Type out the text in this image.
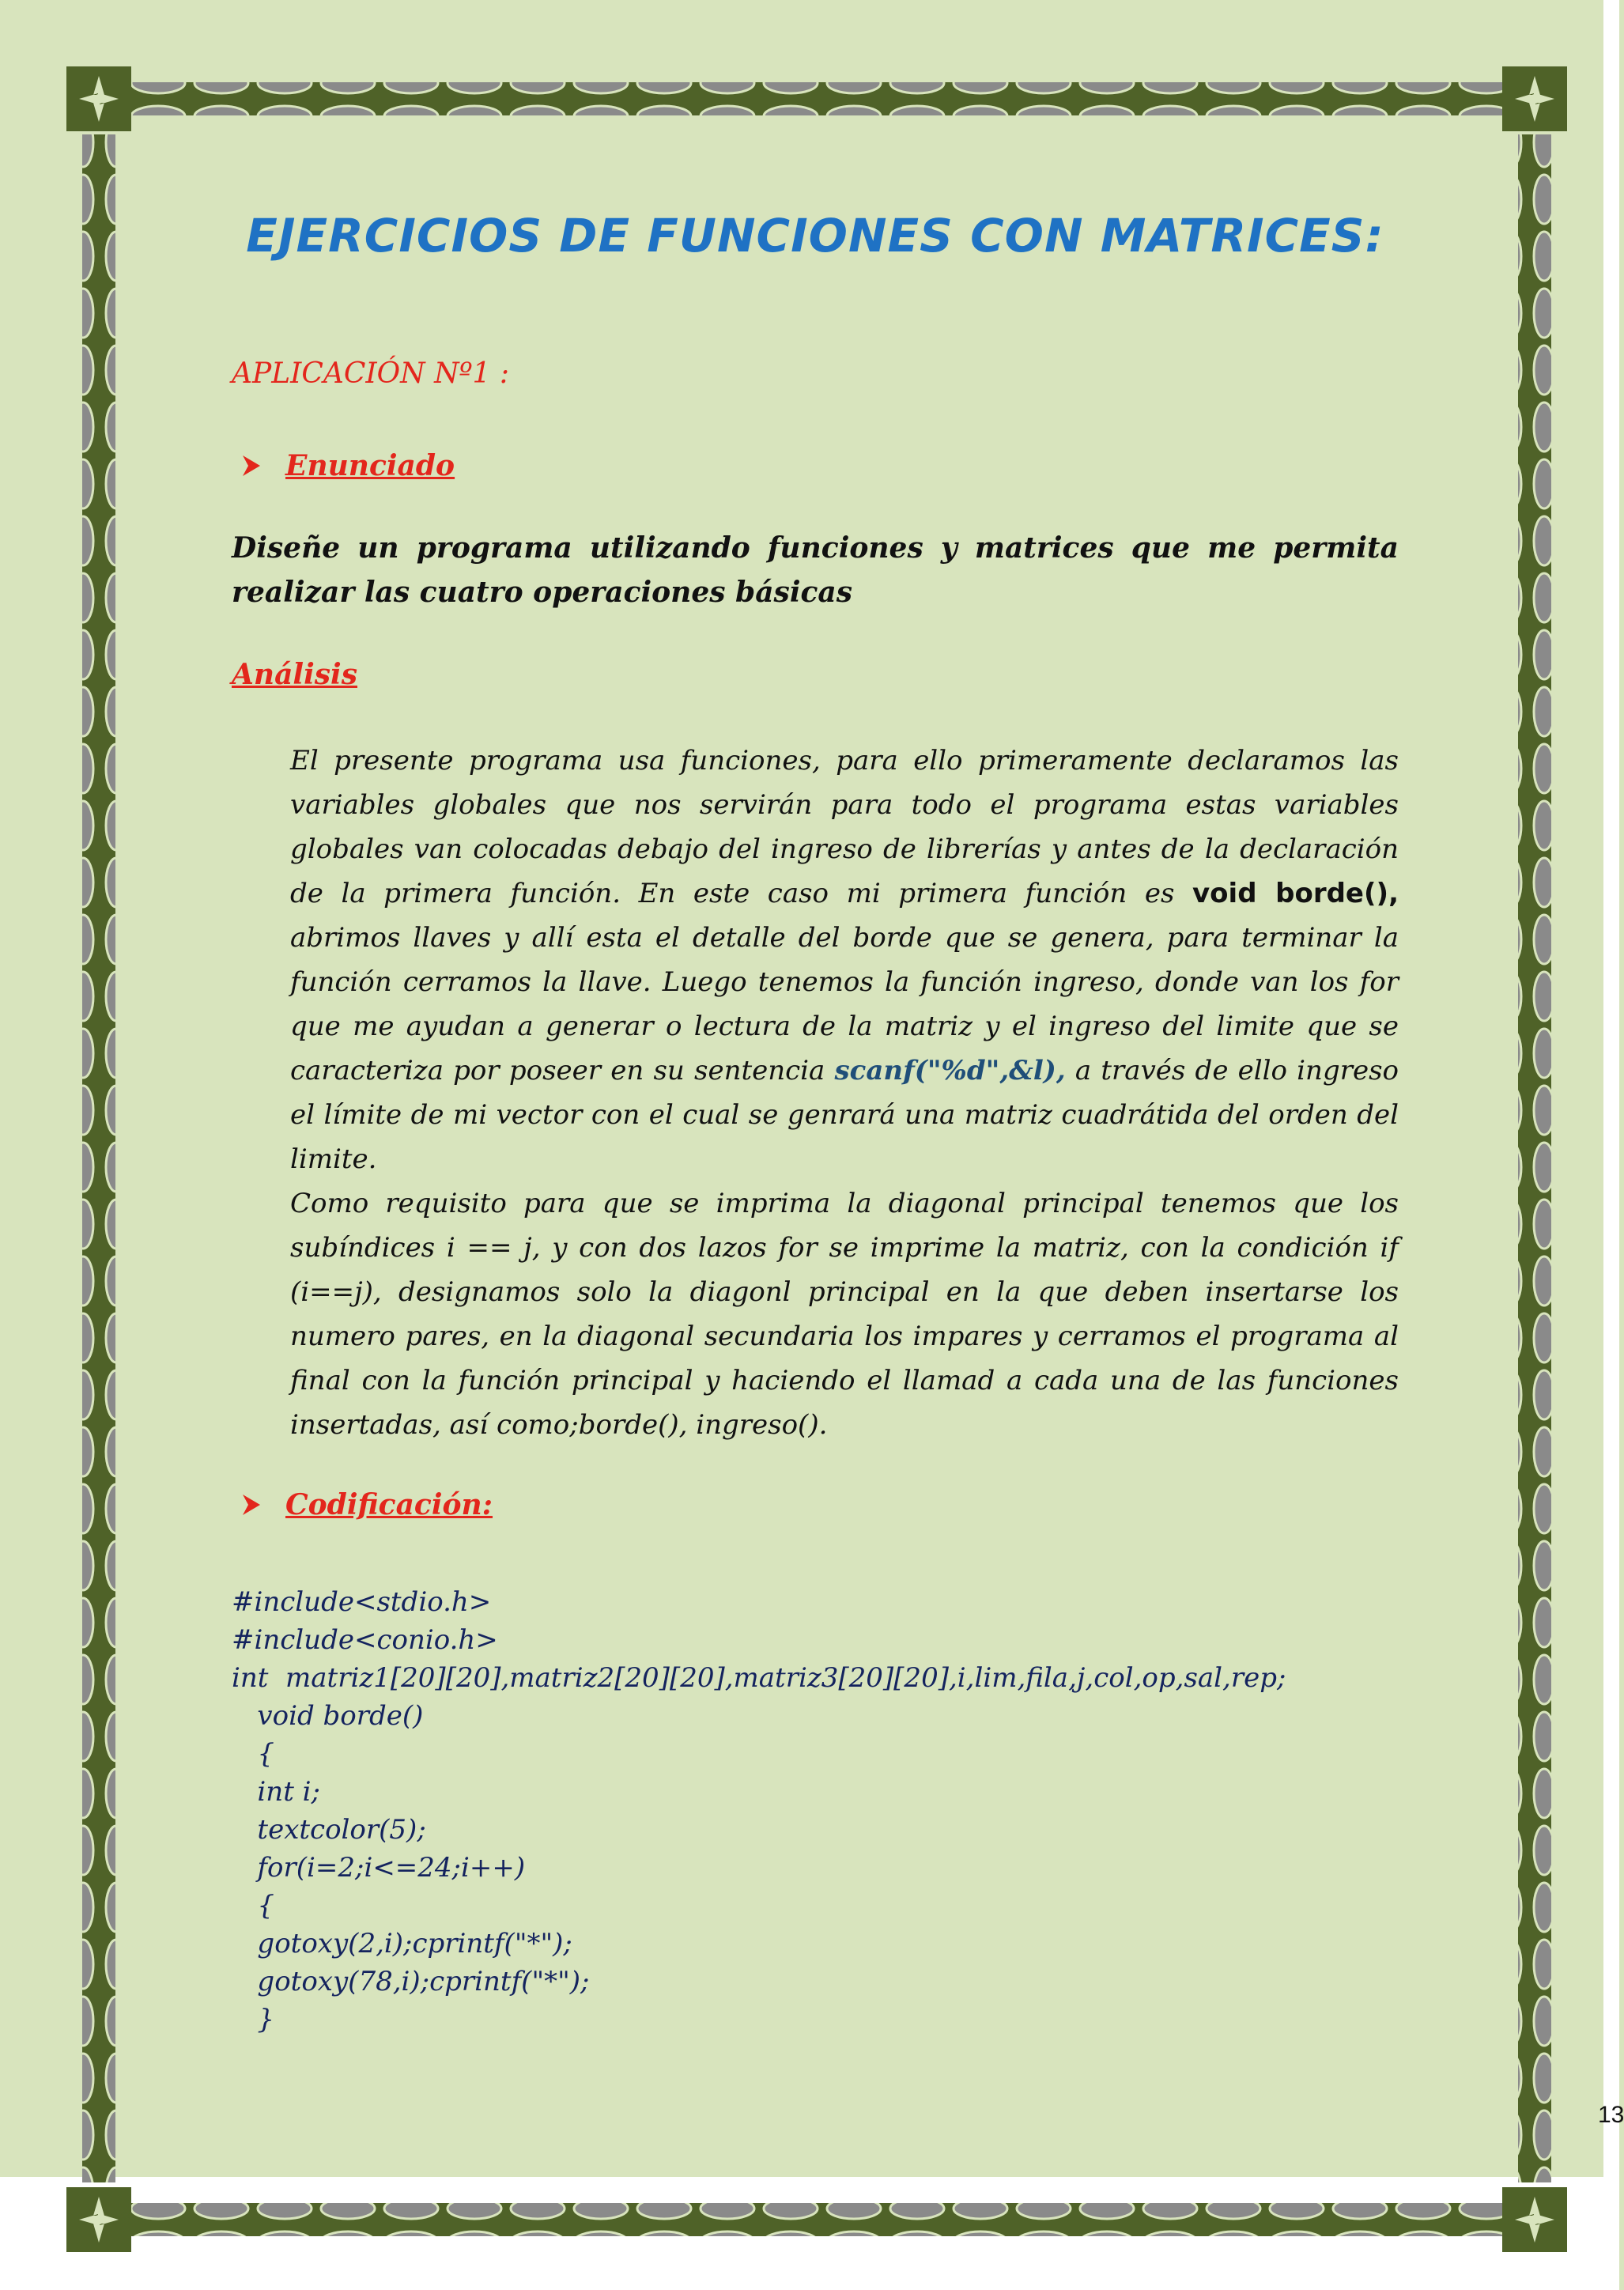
EJERCICIOS DE FUNCIONES CON MATRICES:
APLICACIÓN Nº1 :
Enunciado

Diseñe un programa utilizando funciones y matrices que me permita realizar las cuatro operaciones básicas

Análisis
El presente programa usa funciones, para ello primeramente declaramos las variables globales que nos servirán para todo el programa estas variables globales van colocadas debajo del ingreso de librerías y antes de la declaración de la primera función. En este caso mi primera función es void borde(), abrimos llaves y allí esta el detalle del borde que se genera, para terminar la función cerramos la llave. Luego tenemos la función ingreso, donde van los for que me ayudan a generar o lectura de la matriz y el ingreso del limite que se caracteriza por poseer en su sentencia scanf("%d",&l), a través de ello ingreso el límite de mi vector con el cual se genrará una matriz cuadrátida del orden del limite.
Como requisito para que se imprima la diagonal principal tenemos que los subíndices i == j, y con dos lazos for se imprime la matriz, con la condición if (i==j), designamos solo la diagonl principal en la que deben insertarse los numero pares, en la diagonal secundaria los impares y cerramos el programa al final con la función principal y haciendo el llamad a cada una de las funciones insertadas, así como;borde(), ingreso().
Codificación:
#include<stdio.h>
#include<conio.h>
int  matriz1[20][20],matriz2[20][20],matriz3[20][20],i,lim,fila,j,col,op,sal,rep;
void borde()
{
int i;
textcolor(5);
for(i=2;i<=24;i++)
{
gotoxy(2,i);cprintf("*");
gotoxy(78,i);cprintf("*");
}
13
